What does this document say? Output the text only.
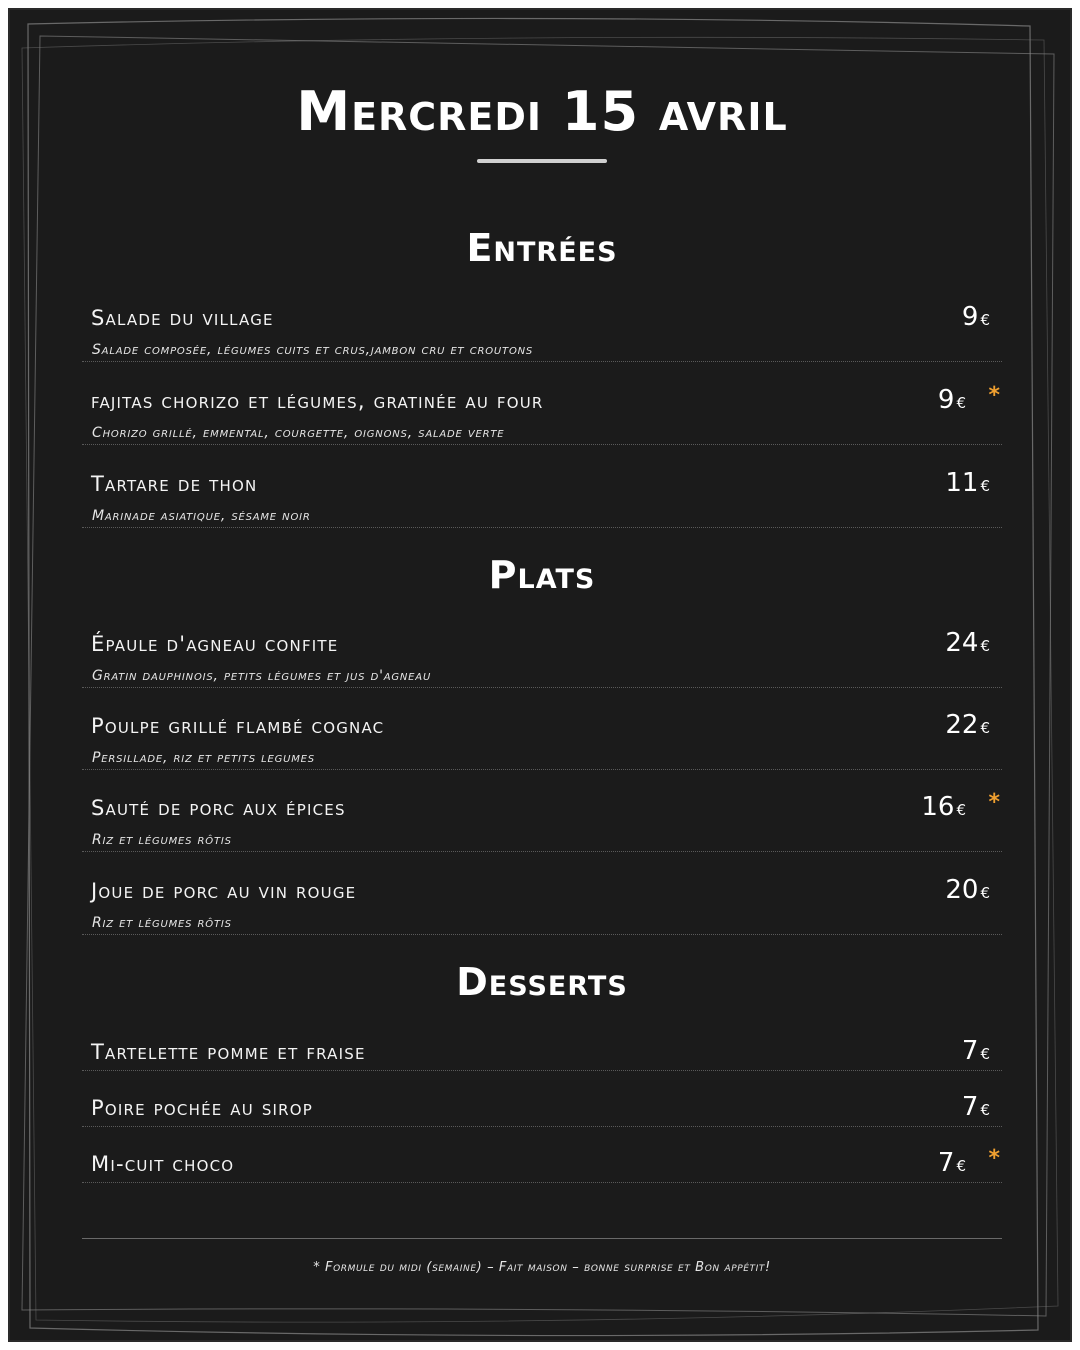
Mercredi 15 avril
Entrées
Salade du village
Salade composée, légumes cuits et crus,jambon cru et croutons
9 €
fajitas chorizo et légumes, gratinée au four
Chorizo grillé, emmental, courgette, oignons, salade verte
9 € *
Tartare de thon
Marinade asiatique, sésame noir
11 €
Plats
Épaule d'agneau confite
Gratin dauphinois, petits légumes et jus d'agneau
24 €
Poulpe grillé flambé cognac
Persillade, riz et petits legumes
22 €
Sauté de porc aux épices
Riz et légumes rôtis
16 € *
Joue de porc au vin rouge
Riz et légumes rôtis
20 €
Desserts
Tartelette pomme et fraise	7 €
Poire pochée au sirop	7 €
Mi-cuit choco	7 € *
* Formule du midi (semaine) – Fait maison – bonne surprise et Bon appétit!
